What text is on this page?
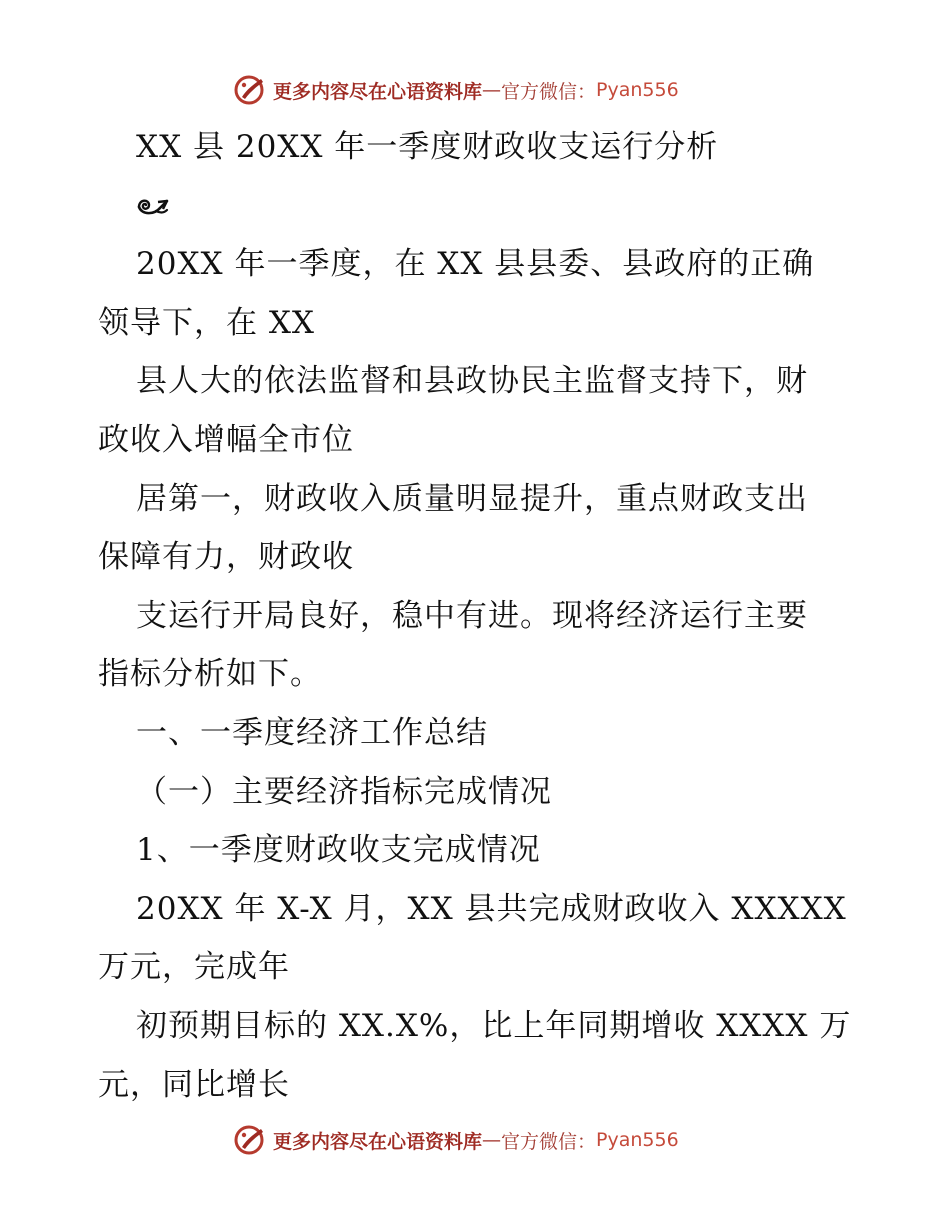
更多内容尽在心语资料库 — 官方微信： Pyan556
XX 县 20XX 年一季度财政收支运行分析
20XX 年一季度，在 XX 县县委、县政府的正确
领导下，在 XX
县人大的依法监督和县政协民主监督支持下，财
政收入增幅全市位
居第一，财政收入质量明显提升，重点财政支出
保障有力，财政收
支运行开局良好，稳中有进。现将经济运行主要
指标分析如下。
一、一季度经济工作总结
（一）主要经济指标完成情况
1、一季度财政收支完成情况
20XX 年 X-X 月，XX 县共完成财政收入 XXXXX
万元，完成年
初预期目标的 XX.X%，比上年同期增收 XXXX 万
元，同比增长
更多内容尽在心语资料库 — 官方微信： Pyan556
